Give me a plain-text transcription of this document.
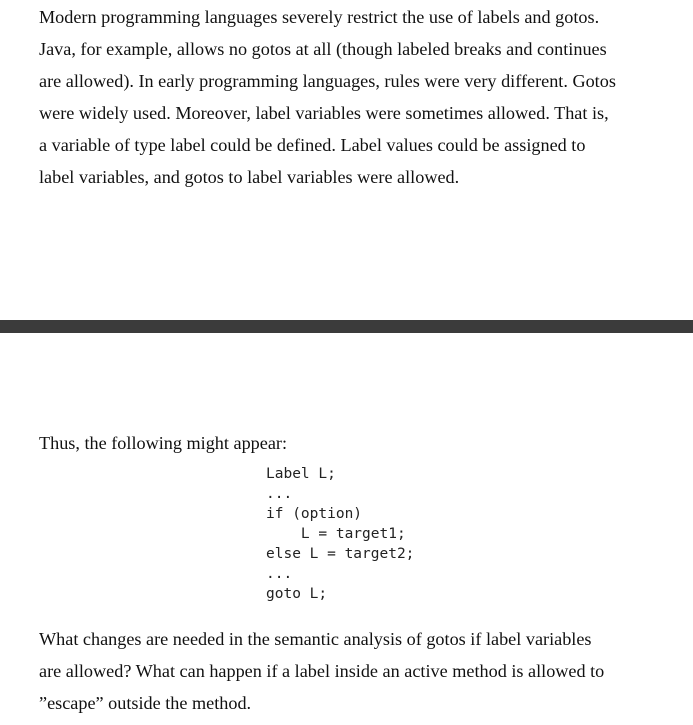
Modern programming languages severely restrict the use of labels and gotos.
Java, for example, allows no gotos at all (though labeled breaks and continues
are allowed). In early programming languages, rules were very different. Gotos
were widely used. Moreover, label variables were sometimes allowed. That is,
a variable of type label could be defined. Label values could be assigned to
label variables, and gotos to label variables were allowed.

Thus, the following might appear:

Label L;
...
if (option)
L = target1;
else L = target2;
...
goto L;

What changes are needed in the semantic analysis of gotos if label variables
are allowed? What can happen if a label inside an active method is allowed to
”escape” outside the method.
